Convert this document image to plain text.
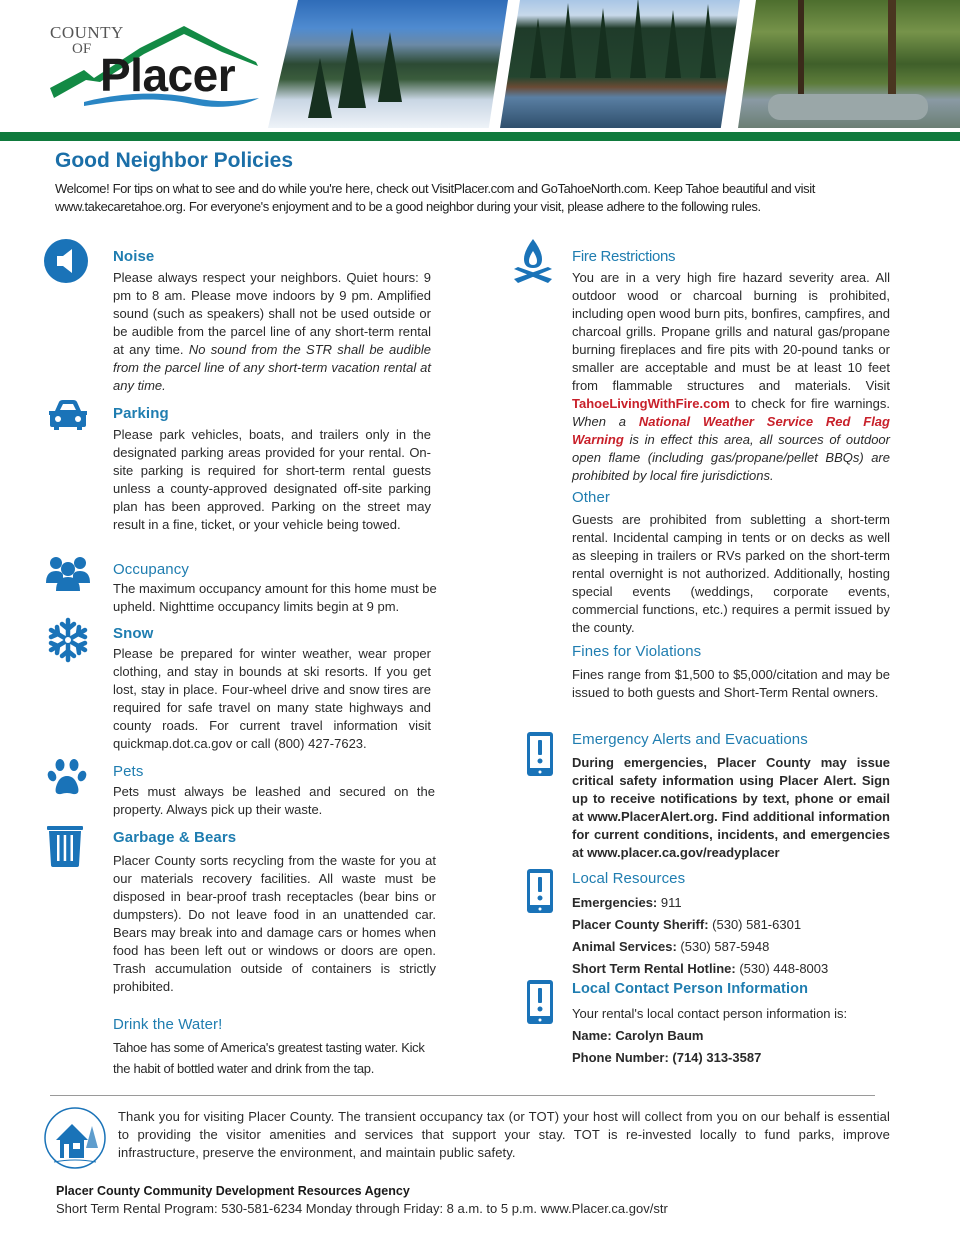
COUNTY
OF Placer
Good Neighbor Policies

Welcome! For tips on what to see and do while you're here, check out VisitPlacer.com and GoTahoeNorth.com. Keep Tahoe beautiful and visit www.takecaretahoe.org. For everyone's enjoyment and to be a good neighbor during your visit, please adhere to the following rules.

Noise
Please always respect your neighbors. Quiet hours: 9 pm to 8 am. Please move indoors by 9 pm. Amplified sound (such as speakers) shall not be used outside or be audible from the parcel line of any short-term rental at any time. No sound from the STR shall be audible from the parcel line of any short-term vacation rental at any time.
Parking
Please park vehicles, boats, and trailers only in the designated parking areas provided for your rental. On-site parking is required for short-term rental guests unless a county-approved designated off-site parking plan has been approved. Parking on the street may result in a fine, ticket, or your vehicle being towed.
Occupancy
The maximum occupancy amount for this home must be upheld. Nighttime occupancy limits begin at 9 pm.
Snow
Please be prepared for winter weather, wear proper clothing, and stay in bounds at ski resorts. If you get lost, stay in place. Four-wheel drive and snow tires are required for safe travel on many state highways and county roads. For current travel information visit quickmap.dot.ca.gov or call (800) 427-7623.
Pets
Pets must always be leashed and secured on the property. Always pick up their waste.
Garbage & Bears
Placer County sorts recycling from the waste for you at our materials recovery facilities. All waste must be disposed in bear-proof trash receptacles (bear bins or dumpsters). Do not leave food in an unattended car. Bears may break into and damage cars or homes when food has been left out or windows or doors are open. Trash accumulation outside of containers is strictly prohibited.
Drink the Water!
Tahoe has some of America's greatest tasting water. Kick the habit of bottled water and drink from the tap.
Fire Restrictions
You are in a very high fire hazard severity area. All outdoor wood or charcoal burning is prohibited, including open wood burn pits, bonfires, campfires, and charcoal grills. Propane grills and natural gas/propane burning fireplaces and fire pits with 20-pound tanks or smaller are acceptable and must be at least 10 feet from flammable structures and materials. Visit TahoeLivingWithFire.com to check for fire warnings. When a National Weather Service Red Flag Warning is in effect this area, all sources of outdoor open flame (including gas/propane/pellet BBQs) are prohibited by local fire jurisdictions.
Other
Guests are prohibited from subletting a short-term rental. Incidental camping in tents or on decks as well as sleeping in trailers or RVs parked on the short-term rental overnight is not authorized. Additionally, hosting special events (weddings, corporate events, commercial functions, etc.) requires a permit issued by the county.
Fines for Violations
Fines range from $1,500 to $5,000/citation and may be issued to both guests and Short-Term Rental owners.
Emergency Alerts and Evacuations
During emergencies, Placer County may issue critical safety information using Placer Alert. Sign up to receive notifications by text, phone or email at www.PlacerAlert.org. Find additional information for current conditions, incidents, and emergencies at www.placer.ca.gov/readyplacer
Local Resources
Emergencies: 911
Placer County Sheriff: (530) 581-6301
Animal Services: (530) 587-5948
Short Term Rental Hotline: (530) 448-8003
Local Contact Person Information
Your rental's local contact person information is:
Name: Carolyn Baum
Phone Number: (714) 313-3587

Thank you for visiting Placer County. The transient occupancy tax (or TOT) your host will collect from you on our behalf is essential to providing the visitor amenities and services that support your stay. TOT is re-invested locally to fund parks, improve infrastructure, preserve the environment, and maintain public safety.

Placer County Community Development Resources Agency
Short Term Rental Program: 530-581-6234 Monday through Friday: 8 a.m. to 5 p.m. www.Placer.ca.gov/str
